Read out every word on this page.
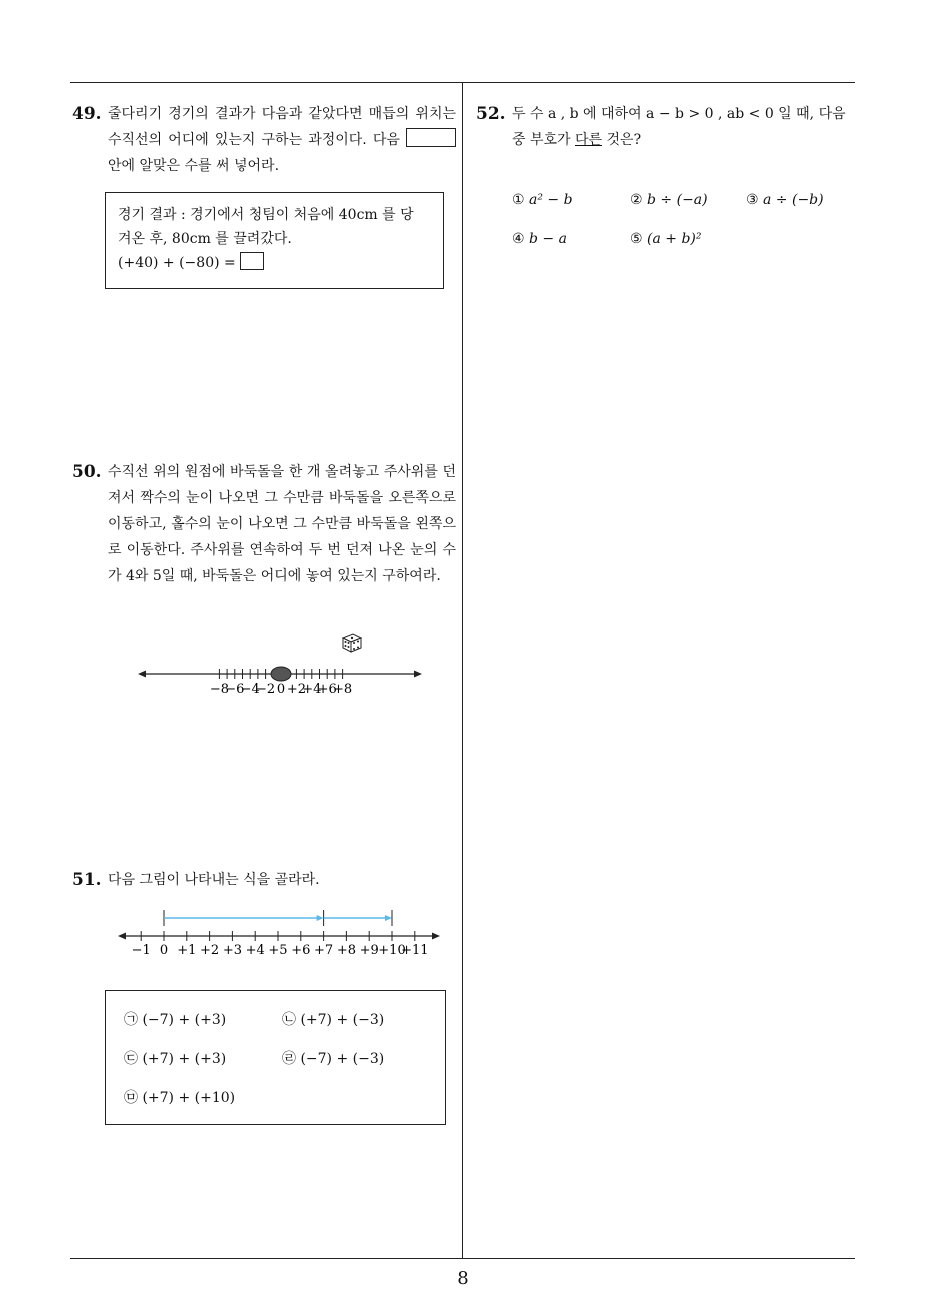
49. 줄다리기 경기의 결과가 다음과 같았다면 매듭의 위치는 수직선의 어디에 있는지 구하는 과정이다. 다음  안에 알맞은 수를 써 넣어라.
경기 결과 : 경기에서 청팀이 처음에 40cm 를 당
겨온 후, 80cm 를 끌려갔다.
(+40) + (−80) =
50. 수직선 위의 원점에 바둑돌을 한 개 올려놓고 주사위를 던져서 짝수의 눈이 나오면 그 수만큼 바둑돌을 오른쪽으로 이동하고, 홀수의 눈이 나오면 그 수만큼 바둑돌을 왼쪽으로 이동한다. 주사위를 연속하여 두 번 던져 나온 눈의 수가 4와 5일 때, 바둑돌은 어디에 놓여 있는지 구하여라.
−8
−6
−4
−2 0 +2
+4
+6
+8
51. 다음 그림이 나타내는 식을 골라라.
−1 0 +1 +2 +3 +4 +5 +6 +7 +8 +9 +10
+11
㉠ (−7) + (+3)	㉡ (+7) + (−3)
㉢ (+7) + (+3)	㉣ (−7) + (−3)
㉤ (+7) + (+10)
52. 두 수 a , b 에 대하여 a − b > 0 , ab < 0 일 때, 다음
중 부호가 다른 것은?
① a² − b	② b ÷ (−a)	③ a ÷ (−b)
④ b − a	⑤ (a + b)²
8
